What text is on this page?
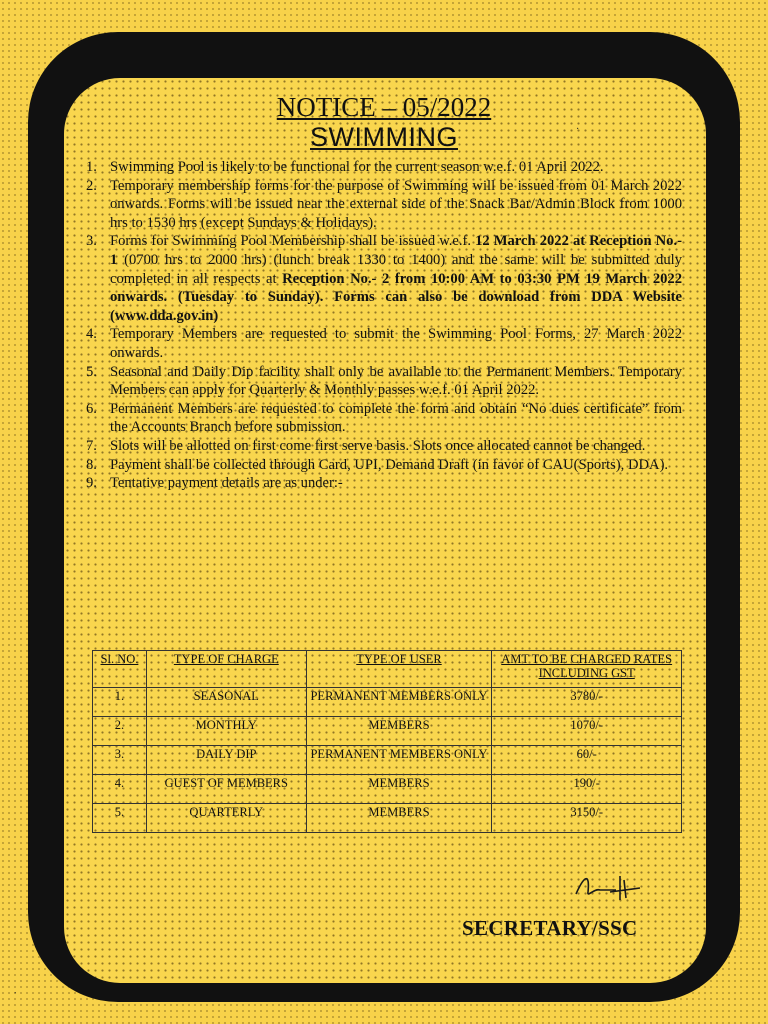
NOTICE – 05/2022
SWIMMING
1. Swimming Pool is likely to be functional for the current season w.e.f. 01 April 2022.
2. Temporary membership forms for the purpose of Swimming will be issued from 01 March 2022 onwards. Forms will be issued near the external side of the Snack Bar/Admin Block from 1000 hrs to 1530 hrs (except Sundays & Holidays).
3. Forms for Swimming Pool Membership shall be issued w.e.f. 12 March 2022 at Reception No.- 1 (0700 hrs to 2000 hrs) (lunch break 1330 to 1400) and the same will be submitted duly completed in all respects at Reception No.- 2 from 10:00 AM to 03:30 PM 19 March 2022 onwards. (Tuesday to Sunday). Forms can also be download from DDA Website (www.dda.gov.in)
4. Temporary Members are requested to submit the Swimming Pool Forms, 27 March 2022 onwards.
5. Seasonal and Daily Dip facility shall only be available to the Permanent Members. Temporary Members can apply for Quarterly & Monthly passes w.e.f. 01 April 2022.
6. Permanent Members are requested to complete the form and obtain “No dues certificate” from the Accounts Branch before submission.
7. Slots will be allotted on first come first serve basis. Slots once allocated cannot be changed.
8. Payment shall be collected through Card, UPI, Demand Draft (in favor of CAU(Sports), DDA).
9. Tentative payment details are as under:-
Sl. NO.	TYPE OF CHARGE	TYPE OF USER	AMT TO BE CHARGED RATES INCLUDING GST
1.	SEASONAL	PERMANENT MEMBERS ONLY	3780/-
2.	MONTHLY	MEMBERS	1070/-
3.	DAILY DIP	PERMANENT MEMBERS ONLY	60/-
4.	GUEST OF MEMBERS	MEMBERS	190/-
5.	QUARTERLY	MEMBERS	3150/-
SECRETARY/SSC
·
∙
